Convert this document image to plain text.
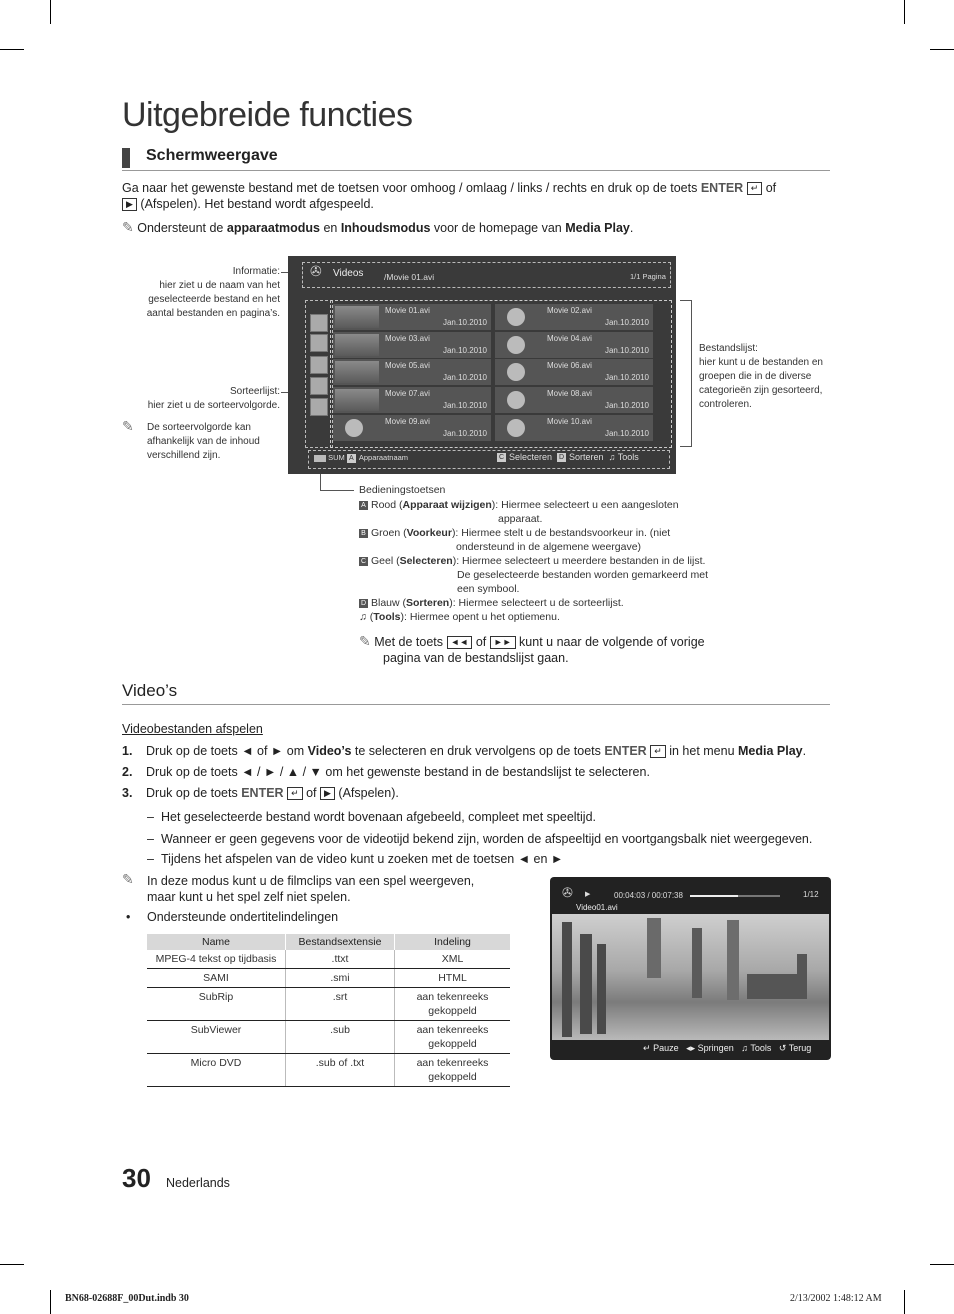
Uitgebreide functies
Schermweergave
Ga naar het gewenste bestand met de toetsen voor omhoog / omlaag / links / rechts en druk op de toets ENTER ↵ of
▶ (Afspelen). Het bestand wordt afgespeeld.
✎ Ondersteunt de apparaatmodus en Inhoudsmodus voor de homepage van Media Play.
Informatie:
hier ziet u de naam van het
geselecteerde bestand en het
aantal bestanden en pagina’s.
Sorteerlijst:
hier ziet u de sorteervolgorde.
✎ De sorteervolgorde kan
afhankelijk van de inhoud
verschillend zijn.
Bestandslijst:
hier kunt u de bestanden en
groepen die in de diverse
categorieën zijn gesorteerd,
controleren.
✇ Videos /Movie 01.avi	1/1 Pagina
Movie 01.avi
Jan.10.2010
Movie 02.avi
Jan.10.2010
Movie 03.avi
Jan.10.2010
Movie 04.avi
Jan.10.2010
Movie 05.avi
Jan.10.2010
Movie 06.avi
Jan.10.2010
Movie 07.avi
Jan.10.2010
Movie 08.avi
Jan.10.2010
Movie 09.avi
Jan.10.2010
Movie 10.avi
Jan.10.2010
SUM A Apparaatnaam	C Selecteren D Sorteren ♫ Tools
Bedieningstoetsen
A Rood (Apparaat wijzigen): Hiermee selecteert u een aangesloten
apparaat.
B Groen (Voorkeur): Hiermee stelt u de bestandsvoorkeur in. (niet
ondersteund in de algemene weergave)
C Geel (Selecteren): Hiermee selecteert u meerdere bestanden in de lijst.
De geselecteerde bestanden worden gemarkeerd met
een symbool.
D Blauw (Sorteren): Hiermee selecteert u de sorteerlijst.
♫ (Tools): Hiermee opent u het optiemenu.
✎ Met de toets ◄◄ of ►► kunt u naar de volgende of vorige
pagina van de bestandslijst gaan.
Video’s
Videobestanden afspelen
1. Druk op de toets ◄ of ► om Video’s te selecteren en druk vervolgens op de toets ENTER ↵ in het menu Media Play.
2. Druk op de toets ◄ / ► / ▲ / ▼ om het gewenste bestand in de bestandslijst te selecteren.
3. Druk op de toets ENTER ↵ of ▶ (Afspelen).
– Het geselecteerde bestand wordt bovenaan afgebeeld, compleet met speeltijd.
– Wanneer er geen gegevens voor de videotijd bekend zijn, worden de afspeeltijd en voortgangsbalk niet weergegeven.
– Tijdens het afspelen van de video kunt u zoeken met de toetsen ◄ en ►
✎ In deze modus kunt u de filmclips van een spel weergeven,
maar kunt u het spel zelf niet spelen.
• Ondersteunde ondertitelindelingen
Name	Bestandsextensie	Indeling
MPEG-4 tekst op tijdbasis	.ttxt	XML
SAMI	.smi	HTML
SubRip	.srt	aan tekenreeks gekoppeld
SubViewer	.sub	aan tekenreeks gekoppeld
Micro DVD	.sub of .txt	aan tekenreeks gekoppeld
✇ ▶	00:04:03 / 00:07:38	1/12
Video01.avi
↵ Pauze ◂▸ Springen ♫ Tools ↺ Terug
30 Nederlands
BN68-02688F_00Dut.indb 30	2/13/2002 1:48:12 AM
